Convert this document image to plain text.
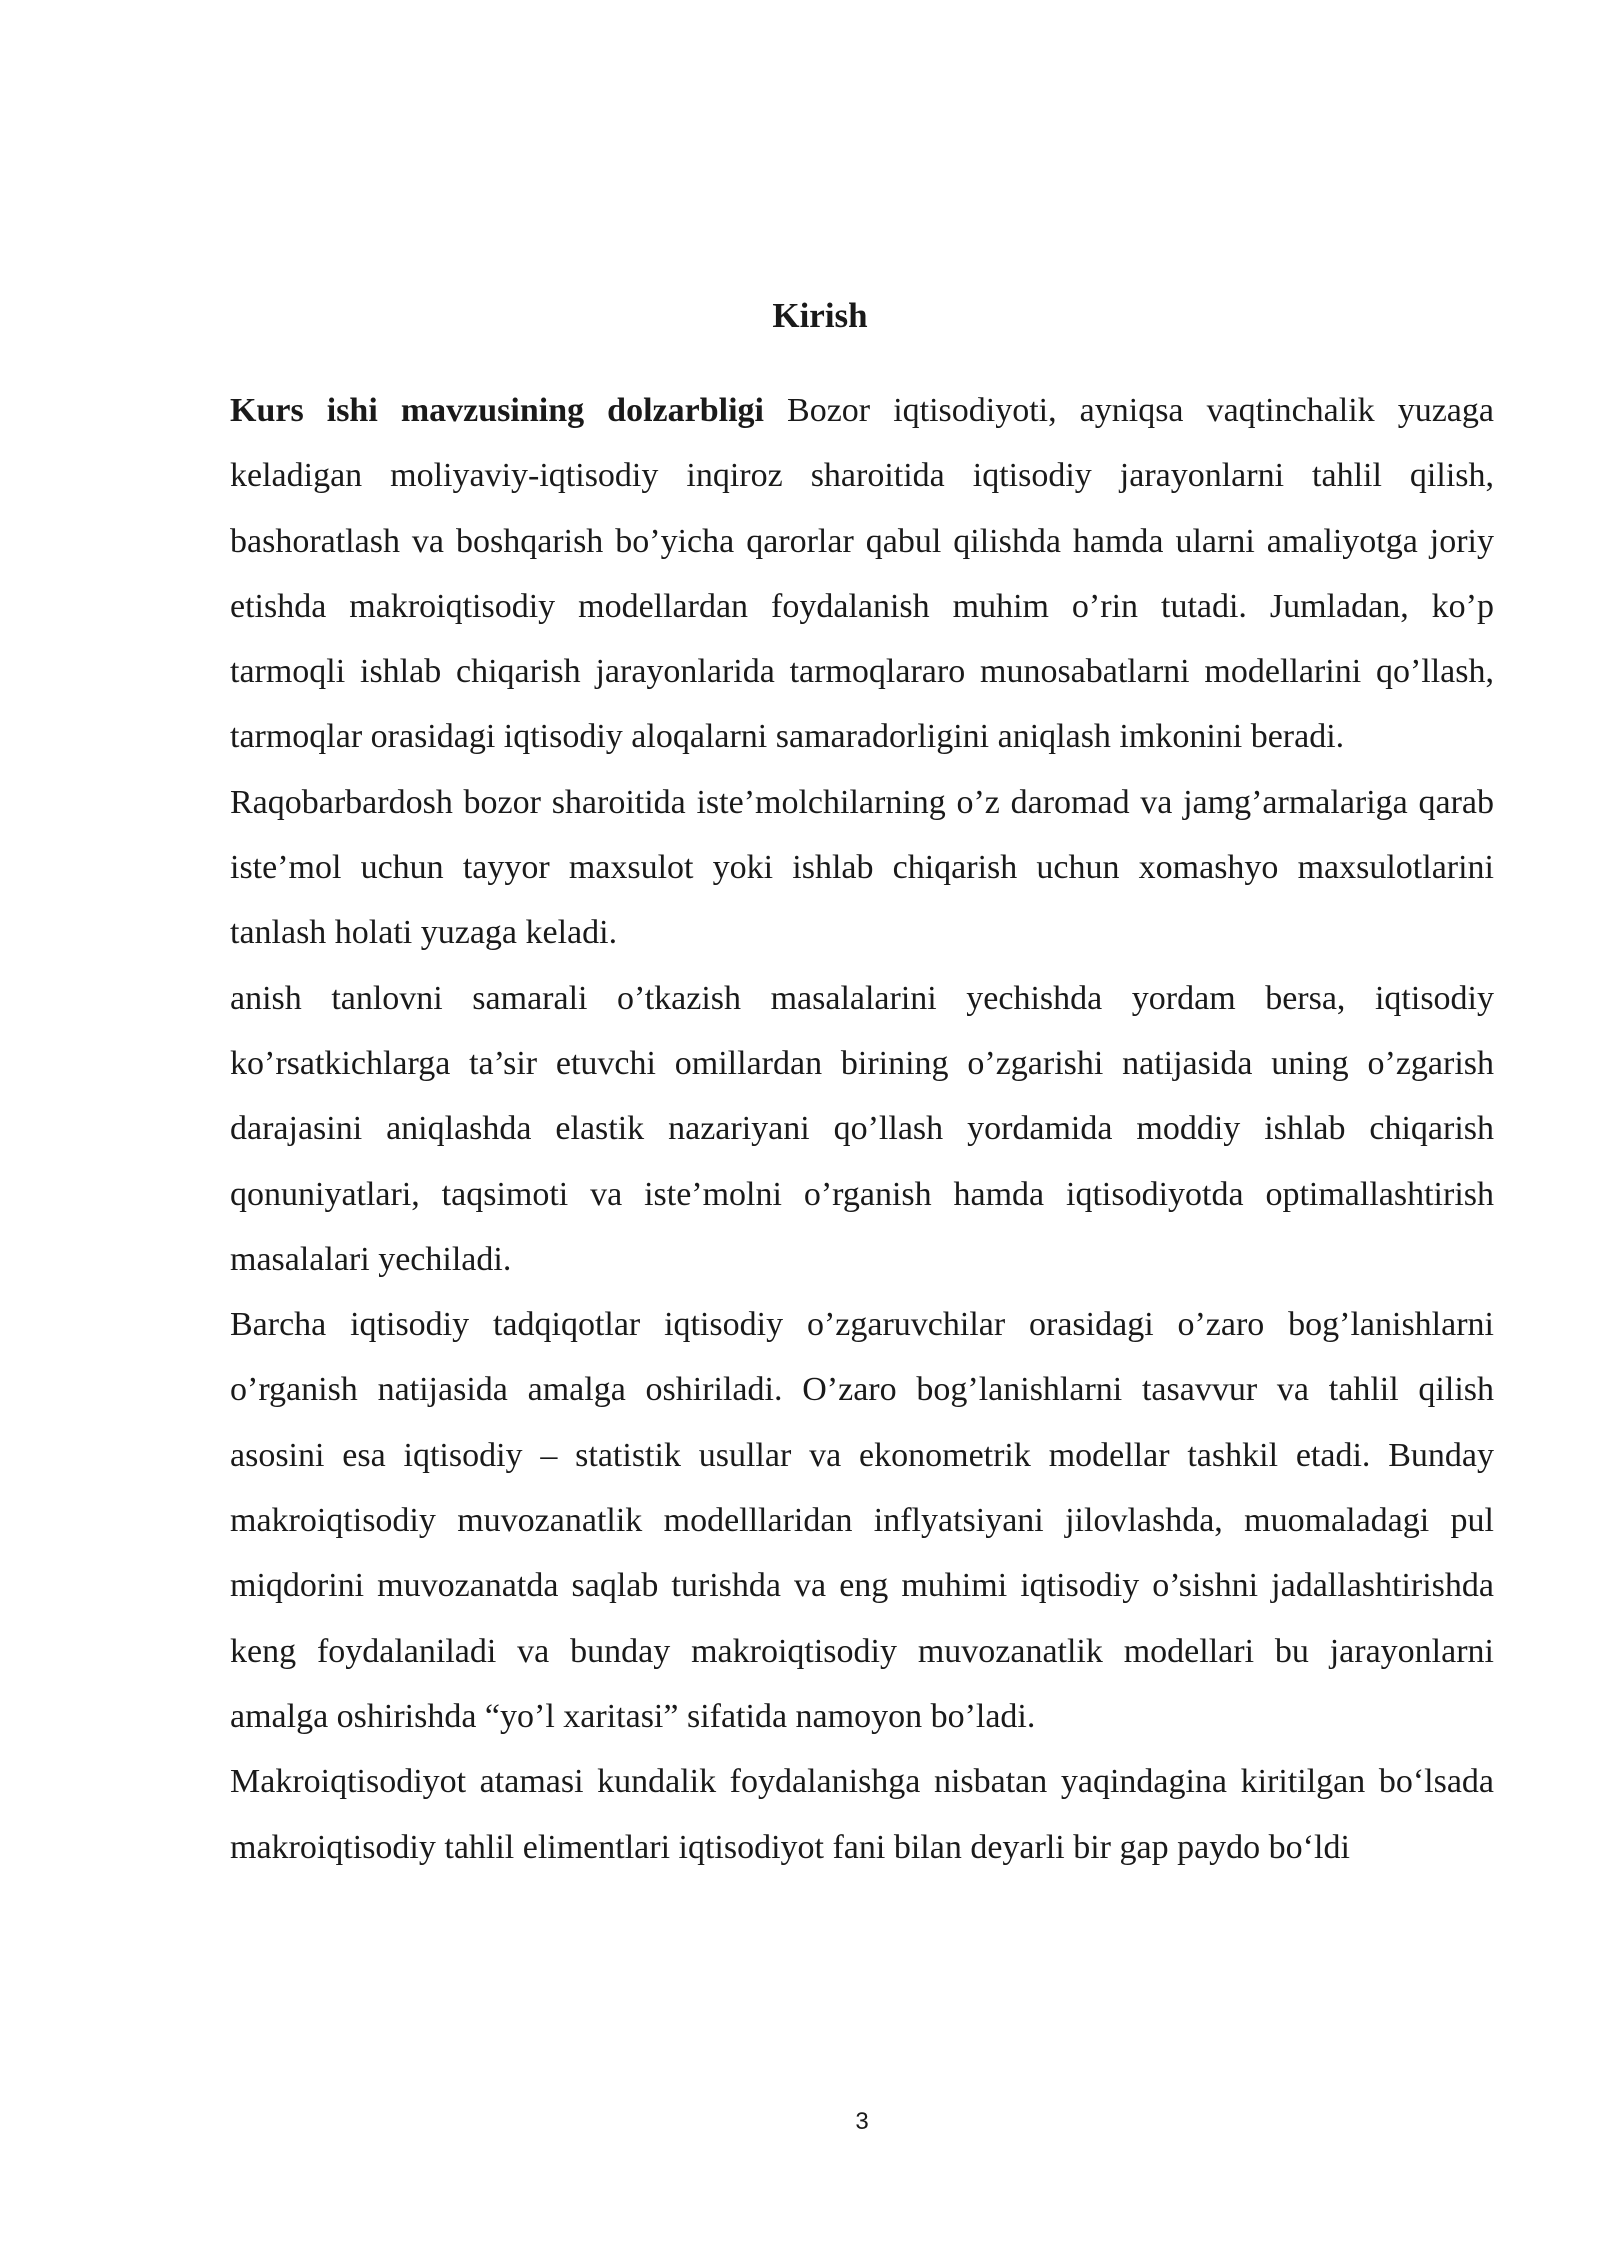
Kirish

Kurs ishi mavzusining dolzarbligi Bozor iqtisodiyoti, ayniqsa vaqtinchalik yuzaga keladigan moliyaviy-iqtisodiy inqiroz sharoitida iqtisodiy jarayonlarni tahlil qilish, bashoratlash va boshqarish bo’yicha qarorlar qabul qilishda hamda ularni amaliyotga joriy etishda makroiqtisodiy modellardan foydalanish muhim o’rin tutadi. Jumladan, ko’p tarmoqli ishlab chiqarish jarayonlarida tarmoqlararo munosabatlarni modellarini qo’llash, tarmoqlar orasidagi iqtisodiy aloqalarni samaradorligini aniqlash imkonini beradi.

Raqobarbardosh bozor sharoitida iste’molchilarning o’z daromad va jamg’armalariga qarab iste’mol uchun tayyor maxsulot yoki ishlab chiqarish uchun xomashyo maxsulotlarini tanlash holati yuzaga keladi.

anish tanlovni samarali o’tkazish masalalarini yechishda yordam bersa, iqtisodiy ko’rsatkichlarga ta’sir etuvchi omillardan birining o’zgarishi natijasida uning o’zgarish darajasini aniqlashda elastik nazariyani qo’llash yordamida moddiy ishlab chiqarish qonuniyatlari, taqsimoti va iste’molni o’rganish hamda iqtisodiyotda optimallashtirish masalalari yechiladi.

Barcha iqtisodiy tadqiqotlar iqtisodiy o’zgaruvchilar orasidagi o’zaro bog’lanishlarni o’rganish natijasida amalga oshiriladi. O’zaro bog’lanishlarni tasavvur va tahlil qilish asosini esa iqtisodiy – statistik usullar va ekonometrik modellar tashkil etadi. Bunday makroiqtisodiy muvozanatlik modelllaridan inflyatsiyani jilovlashda, muomaladagi pul miqdorini muvozanatda saqlab turishda va eng muhimi iqtisodiy o’sishni jadallashtirishda keng foydalaniladi va bunday makroiqtisodiy muvozanatlik modellari bu jarayonlarni amalga oshirishda “yo’l xaritasi” sifatida namoyon bo’ladi.

Makroiqtisodiyot atamasi kundalik foydalanishga nisbatan yaqindagina kiritilgan bo‘lsada makroiqtisodiy tahlil elimentlari iqtisodiyot fani bilan deyarli bir gap paydo bo‘ldi

3
